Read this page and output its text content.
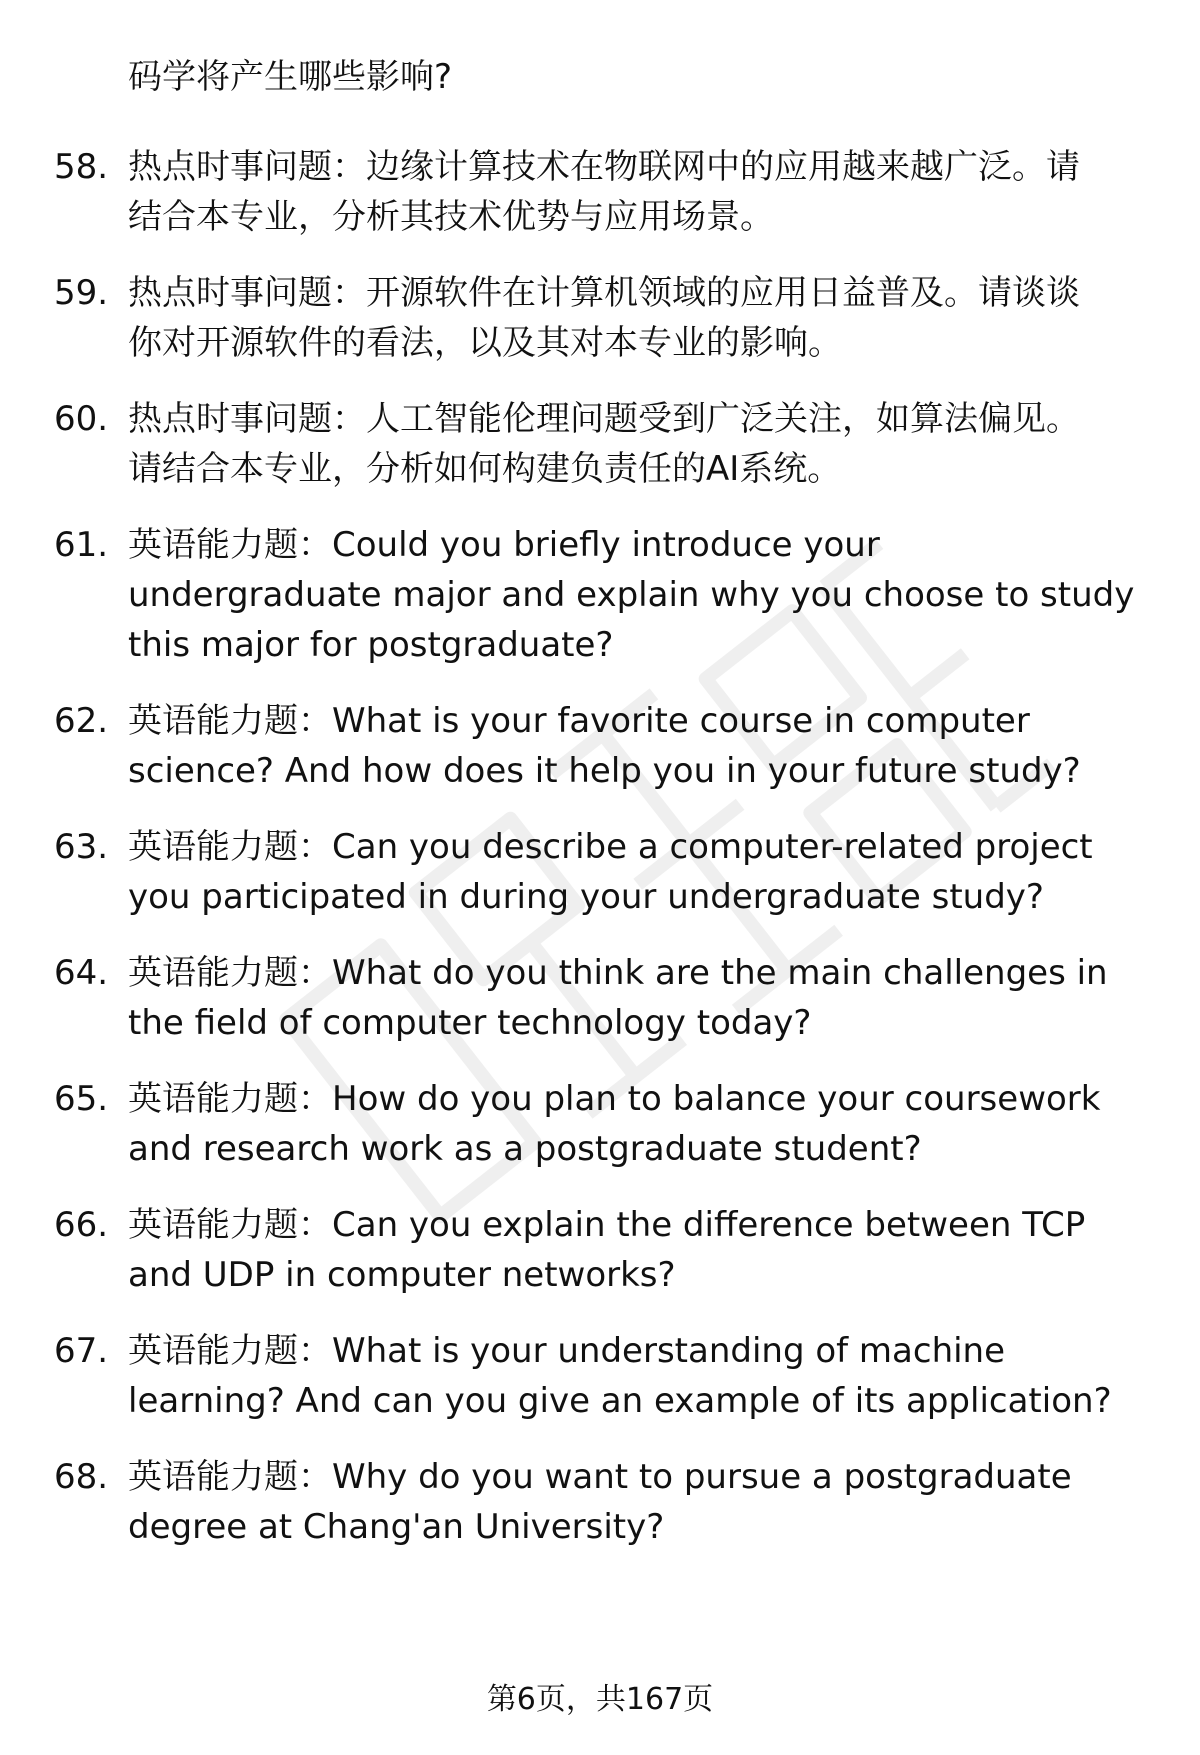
码学将产生哪些影响?
58. 热点时事问题：边缘计算技术在物联网中的应用越来越广泛。请
结合本专业，分析其技术优势与应用场景。
59. 热点时事问题：开源软件在计算机领域的应用日益普及。请谈谈
你对开源软件的看法，以及其对本专业的影响。
60. 热点时事问题：人工智能伦理问题受到广泛关注，如算法偏见。
请结合本专业，分析如何构建负责任的AI系统。
61. 英语能力题：Could you briefly introduce your
undergraduate major and explain why you choose to study
this major for postgraduate?
62. 英语能力题：What is your favorite course in computer
science? And how does it help you in your future study?
63. 英语能力题：Can you describe a computer-related project
you participated in during your undergraduate study?
64. 英语能力题：What do you think are the main challenges in
the field of computer technology today?
65. 英语能力题：How do you plan to balance your coursework
and research work as a postgraduate student?
66. 英语能力题：Can you explain the difference between TCP
and UDP in computer networks?
67. 英语能力题：What is your understanding of machine
learning? And can you give an example of its application?
68. 英语能力题：Why do you want to pursue a postgraduate
degree at Chang'an University?
第6页，共167页
